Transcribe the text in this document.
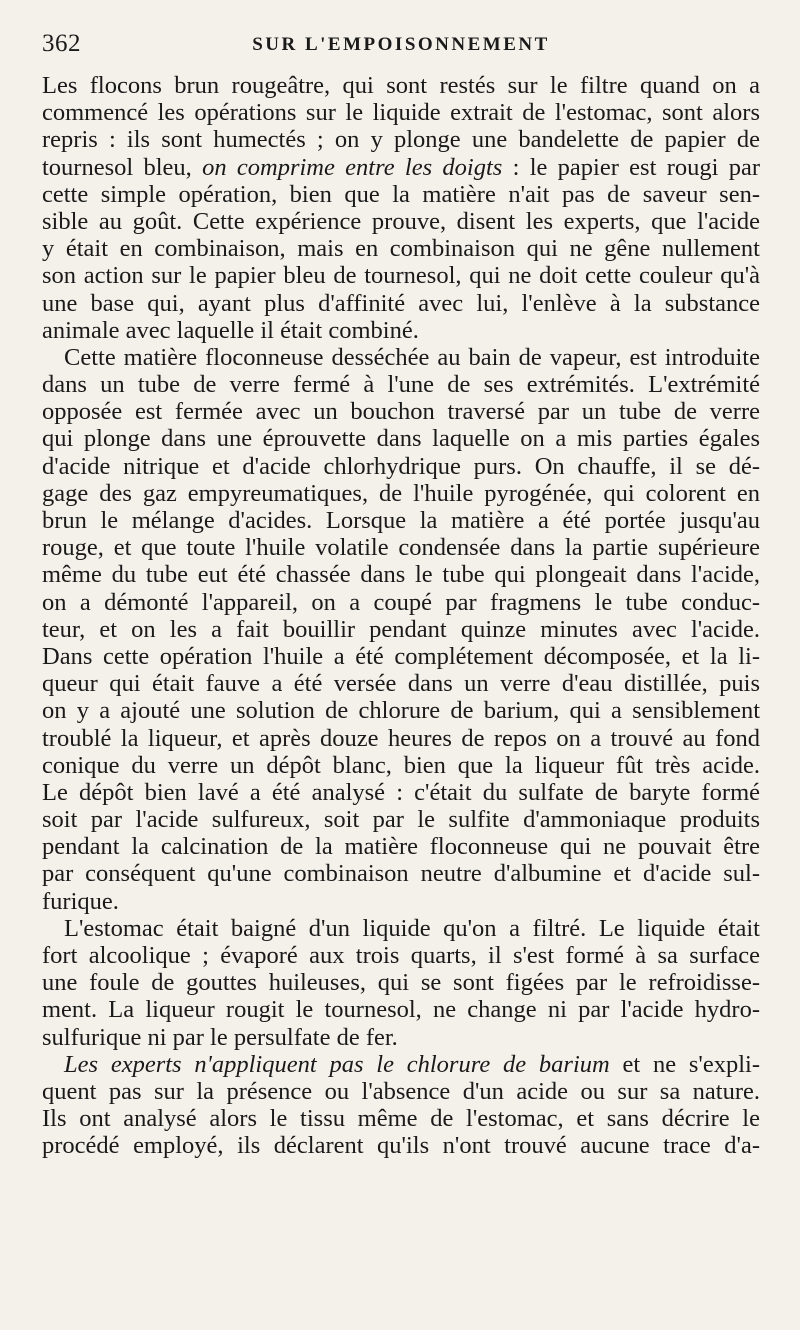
362	SUR L'EMPOISONNEMENT
Les flocons brun rougeâtre, qui sont restés sur le filtre quand on a
commencé les opérations sur le liquide extrait de l'estomac, sont alors
repris : ils sont humectés ; on y plonge une bandelette de papier de
tournesol bleu, on comprime entre les doigts : le papier est rougi par
cette simple opération, bien que la matière n'ait pas de saveur sen-
sible au goût. Cette expérience prouve, disent les experts, que l'acide
y était en combinaison, mais en combinaison qui ne gêne nullement
son action sur le papier bleu de tournesol, qui ne doit cette couleur qu'à
une base qui, ayant plus d'affinité avec lui, l'enlève à la substance
animale avec laquelle il était combiné.
Cette matière floconneuse desséchée au bain de vapeur, est introduite
dans un tube de verre fermé à l'une de ses extrémités. L'extrémité
opposée est fermée avec un bouchon traversé par un tube de verre
qui plonge dans une éprouvette dans laquelle on a mis parties égales
d'acide nitrique et d'acide chlorhydrique purs. On chauffe, il se dé-
gage des gaz empyreumatiques, de l'huile pyrogénée, qui colorent en
brun le mélange d'acides. Lorsque la matière a été portée jusqu'au
rouge, et que toute l'huile volatile condensée dans la partie supérieure
même du tube eut été chassée dans le tube qui plongeait dans l'acide,
on a démonté l'appareil, on a coupé par fragmens le tube conduc-
teur, et on les a fait bouillir pendant quinze minutes avec l'acide.
Dans cette opération l'huile a été complétement décomposée, et la li-
queur qui était fauve a été versée dans un verre d'eau distillée, puis
on y a ajouté une solution de chlorure de barium, qui a sensiblement
troublé la liqueur, et après douze heures de repos on a trouvé au fond
conique du verre un dépôt blanc, bien que la liqueur fût très acide.
Le dépôt bien lavé a été analysé : c'était du sulfate de baryte formé
soit par l'acide sulfureux, soit par le sulfite d'ammoniaque produits
pendant la calcination de la matière floconneuse qui ne pouvait être
par conséquent qu'une combinaison neutre d'albumine et d'acide sul-
furique.
L'estomac était baigné d'un liquide qu'on a filtré. Le liquide était
fort alcoolique ; évaporé aux trois quarts, il s'est formé à sa surface
une foule de gouttes huileuses, qui se sont figées par le refroidisse-
ment. La liqueur rougit le tournesol, ne change ni par l'acide hydro-
sulfurique ni par le persulfate de fer.
Les experts n'appliquent pas le chlorure de barium et ne s'expli-
quent pas sur la présence ou l'absence d'un acide ou sur sa nature.
Ils ont analysé alors le tissu même de l'estomac, et sans décrire le
procédé employé, ils déclarent qu'ils n'ont trouvé aucune trace d'a-
